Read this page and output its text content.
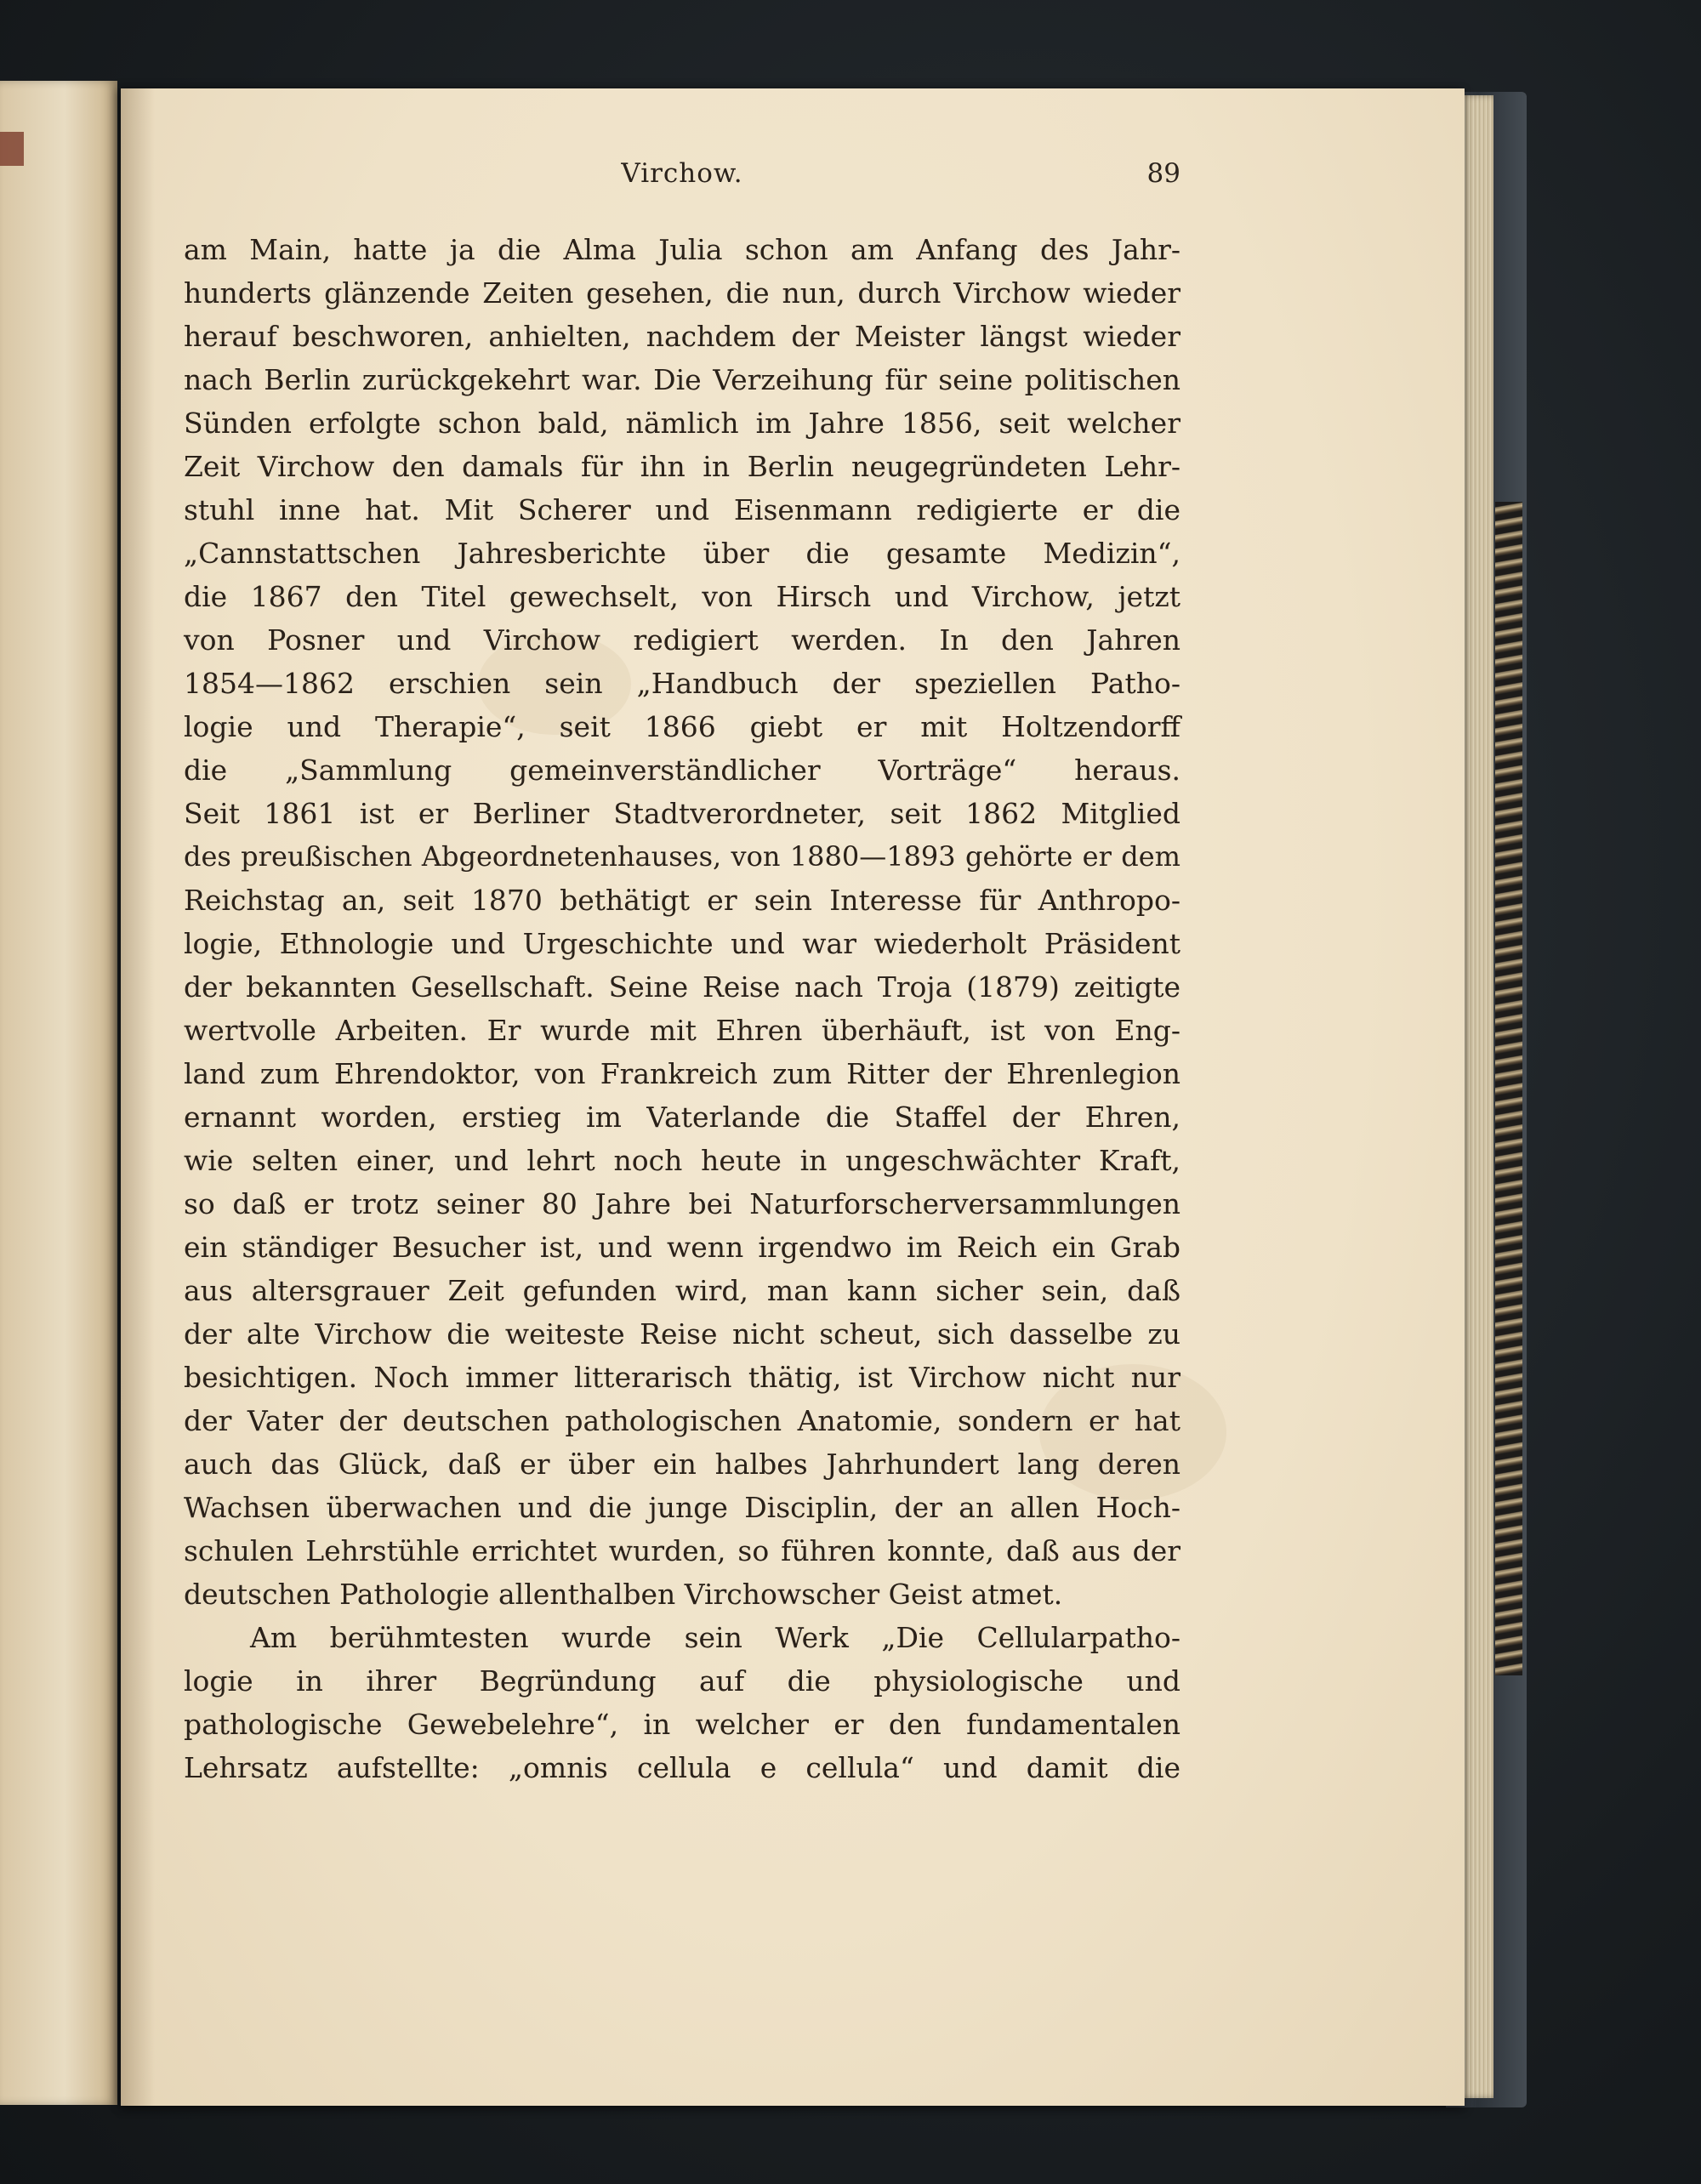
Virchow.	89
am Main, hatte ja die Alma Julia schon am Anfang des Jahr-
hunderts glänzende Zeiten gesehen, die nun, durch Virchow wieder
herauf beschworen, anhielten, nachdem der Meister längst wieder
nach Berlin zurückgekehrt war. Die Verzeihung für seine politischen
Sünden erfolgte schon bald, nämlich im Jahre 1856, seit welcher
Zeit Virchow den damals für ihn in Berlin neugegründeten Lehr-
stuhl inne hat. Mit Scherer und Eisenmann redigierte er die
„Cannstattschen Jahresberichte über die gesamte Medizin“,
die 1867 den Titel gewechselt, von Hirsch und Virchow, jetzt
von Posner und Virchow redigiert werden. In den Jahren
1854—1862 erschien sein „Handbuch der speziellen Patho-
logie und Therapie“, seit 1866 giebt er mit Holtzendorff
die „Sammlung gemeinverständlicher Vorträge“ heraus.
Seit 1861 ist er Berliner Stadtverordneter, seit 1862 Mitglied
des preußischen Abgeordnetenhauses, von 1880—1893 gehörte er dem
Reichstag an, seit 1870 bethätigt er sein Interesse für Anthropo-
logie, Ethnologie und Urgeschichte und war wiederholt Präsident
der bekannten Gesellschaft. Seine Reise nach Troja (1879) zeitigte
wertvolle Arbeiten. Er wurde mit Ehren überhäuft, ist von Eng-
land zum Ehrendoktor, von Frankreich zum Ritter der Ehrenlegion
ernannt worden, erstieg im Vaterlande die Staffel der Ehren,
wie selten einer, und lehrt noch heute in ungeschwächter Kraft,
so daß er trotz seiner 80 Jahre bei Naturforscherversammlungen
ein ständiger Besucher ist, und wenn irgendwo im Reich ein Grab
aus altersgrauer Zeit gefunden wird, man kann sicher sein, daß
der alte Virchow die weiteste Reise nicht scheut, sich dasselbe zu
besichtigen. Noch immer litterarisch thätig, ist Virchow nicht nur
der Vater der deutschen pathologischen Anatomie, sondern er hat
auch das Glück, daß er über ein halbes Jahrhundert lang deren
Wachsen überwachen und die junge Disciplin, der an allen Hoch-
schulen Lehrstühle errichtet wurden, so führen konnte, daß aus der
deutschen Pathologie allenthalben Virchowscher Geist atmet.
Am berühmtesten wurde sein Werk „Die Cellularpatho-
logie in ihrer Begründung auf die physiologische und
pathologische Gewebelehre“, in welcher er den fundamentalen
Lehrsatz aufstellte: „omnis cellula e cellula“ und damit die
